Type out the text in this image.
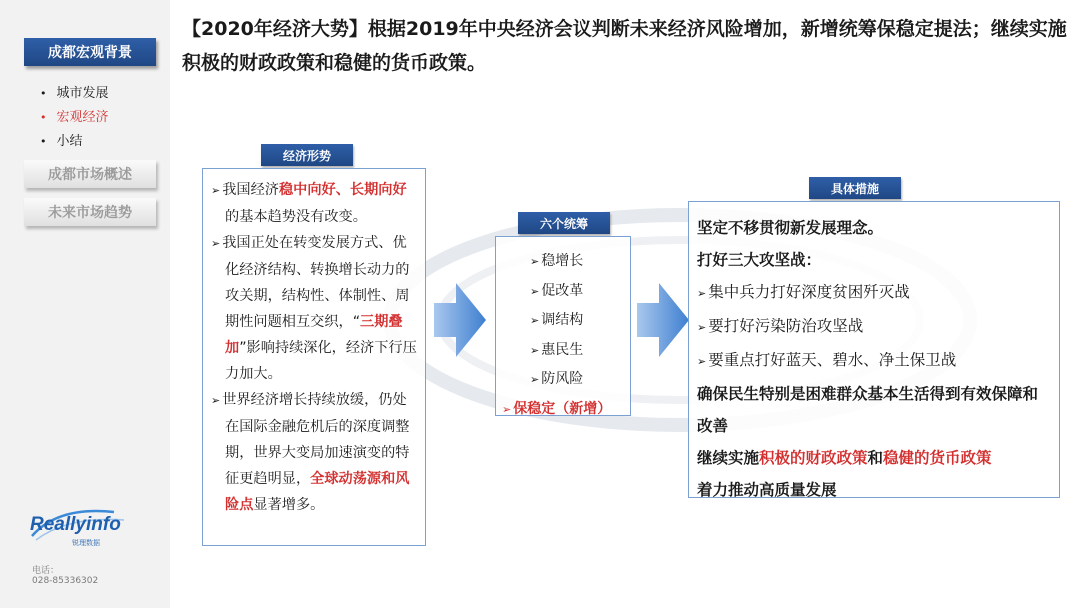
成都宏观背景
• 城市发展
• 宏观经济
• 小结
成都市场概述
未来市场趋势
Reallyinfo
锐理数据
电话：
028-85336302
【2020年经济大势】根据2019年中央经济会议判断未来经济风险增加，新增统筹保稳定提法；继续实施积极的财政政策和稳健的货币政策。
经济形势
➢ 我国经济稳中向好、长期向好的基本趋势没有改变。
➢ 我国正处在转变发展方式、优化经济结构、转换增长动力的攻关期，结构性、体制性、周期性问题相互交织，“三期叠加”影响持续深化，经济下行压力加大。
➢ 世界经济增长持续放缓，仍处在国际金融危机后的深度调整期，世界大变局加速演变的特征更趋明显，全球动荡源和风险点显著增多。
六个统筹
➢ 稳增长
➢ 促改革
➢ 调结构
➢ 惠民生
➢ 防风险
➢ 保稳定（新增）
具体措施
坚定不移贯彻新发展理念。
打好三大攻坚战：
➢ 集中兵力打好深度贫困歼灭战
➢ 要打好污染防治攻坚战
➢ 要重点打好蓝天、碧水、净土保卫战
确保民生特别是困难群众基本生活得到有效保障和改善
继续实施积极的财政政策和稳健的货币政策
着力推动高质量发展
